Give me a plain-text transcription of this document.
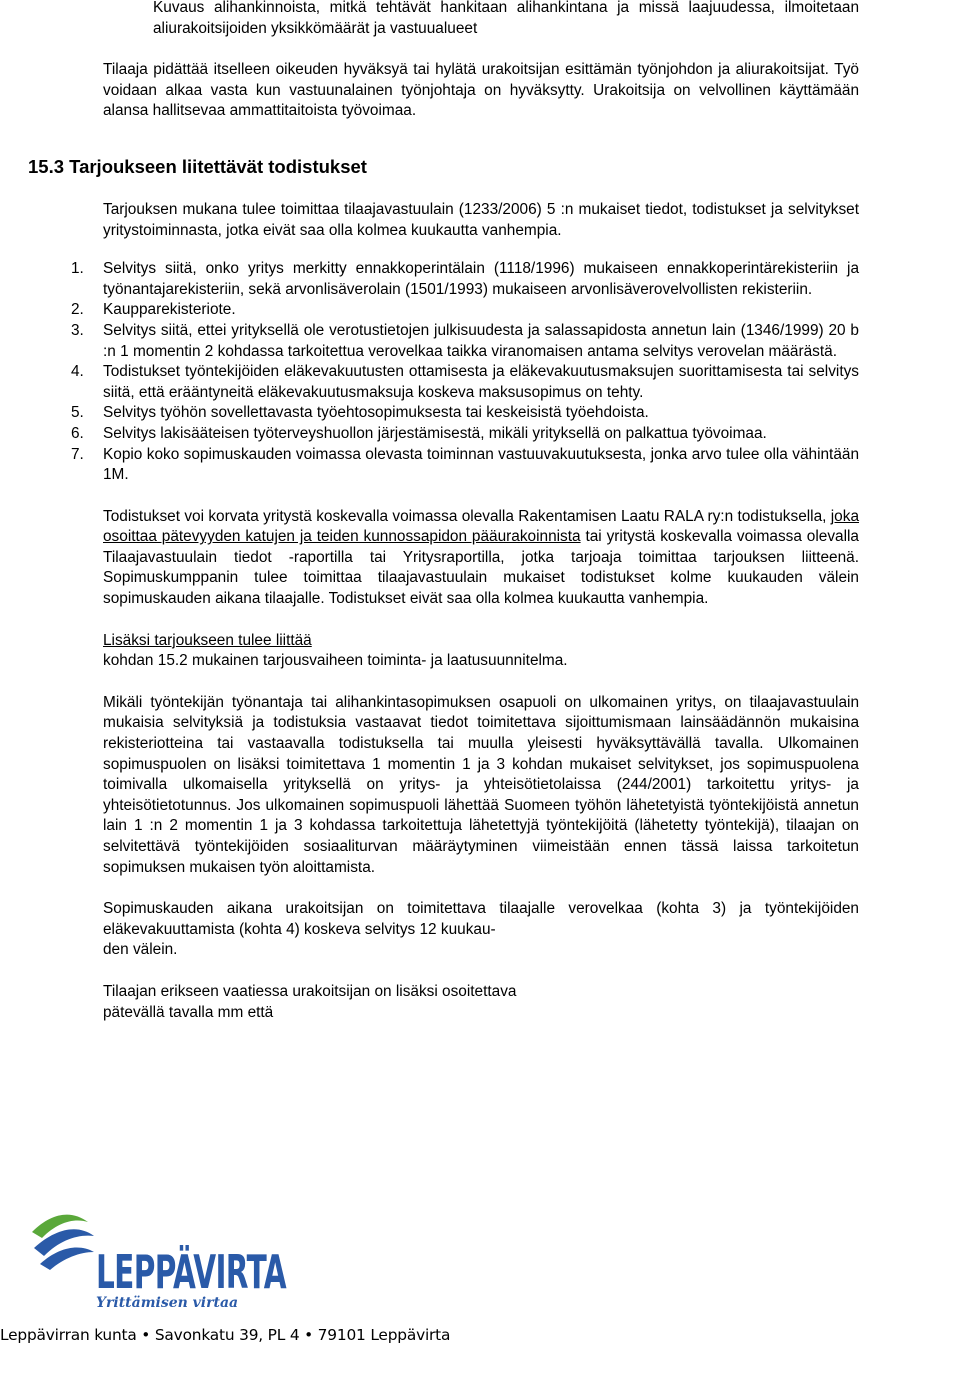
Kuvaus alihankinnoista, mitkä tehtävät hankitaan alihankintana ja missä laajuudessa, ilmoitetaan aliurakoitsijoiden yksikkömäärät ja vastuualueet

Tilaaja pidättää itselleen oikeuden hyväksyä tai hylätä urakoitsijan esittämän työnjohdon ja aliurakoitsijat. Työ voidaan alkaa vasta kun vastuunalainen työnjohtaja on hyväksytty. Urakoitsija on velvollinen käyttämään alansa hallitsevaa ammattitaitoista työvoimaa.

15.3 Tarjoukseen liitettävät todistukset

Tarjouksen mukana tulee toimittaa tilaajavastuulain (1233/2006) 5 :n mukaiset tiedot, todistukset ja selvitykset yritystoiminnasta, jotka eivät saa olla kolmea kuukautta vanhempia.

1. Selvitys siitä, onko yritys merkitty ennakkoperintälain (1118/1996) mukaiseen ennakkoperintärekisteriin ja työnantajarekisteriin, sekä arvonlisäverolain (1501/1993) mukaiseen arvonlisäverovelvollisten rekisteriin.
2. Kaupparekisteriote.
3. Selvitys siitä, ettei yrityksellä ole verotustietojen julkisuudesta ja salassapidosta annetun lain (1346/1999) 20 b :n 1 momentin 2 kohdassa tarkoitettua verovelkaa taikka viranomaisen antama selvitys verovelan määrästä.
4. Todistukset työntekijöiden eläkevakuutusten ottamisesta ja eläkevakuutusmaksujen suorittamisesta tai selvitys siitä, että erääntyneitä eläkevakuutusmaksuja koskeva maksusopimus on tehty.
5. Selvitys työhön sovellettavasta työehtosopimuksesta tai keskeisistä työehdoista.
6. Selvitys lakisääteisen työterveyshuollon järjestämisestä, mikäli yrityksellä on palkattua työvoimaa.
7. Kopio koko sopimuskauden voimassa olevasta toiminnan vastuuvakuutuksesta, jonka arvo tulee olla vähintään 1M.

Todistukset voi korvata yritystä koskevalla voimassa olevalla Rakentamisen Laatu RALA ry:n todistuksella, joka osoittaa pätevyyden katujen ja teiden kunnossapidon pääurakoinnista tai yritystä koskevalla voimassa olevalla Tilaajavastuulain tiedot -raportilla tai Yritysraportilla, jotka tarjoaja toimittaa tarjouksen liitteenä. Sopimuskumppanin tulee toimittaa tilaajavastuulain mukaiset todistukset kolme kuukauden välein sopimuskauden aikana tilaajalle. Todistukset eivät saa olla kolmea kuukautta vanhempia.

Lisäksi tarjoukseen tulee liittää
kohdan 15.2 mukainen tarjousvaiheen toiminta- ja laatusuunnitelma.

Mikäli työntekijän työnantaja tai alihankintasopimuksen osapuoli on ulkomainen yritys, on tilaajavastuulain mukaisia selvityksiä ja todistuksia vastaavat tiedot toimitettava sijoittumismaan lainsäädännön mukaisina rekisteriotteina tai vastaavalla todistuksella tai muulla yleisesti hyväksyttävällä tavalla. Ulkomainen sopimuspuolen on lisäksi toimitettava 1 momentin 1 ja 3 kohdan mukaiset selvitykset, jos sopimuspuolena toimivalla ulkomaisella yrityksellä on yritys- ja yhteisötietolaissa (244/2001) tarkoitettu yritys- ja yhteisötietotunnus. Jos ulkomainen sopimuspuoli lähettää Suomeen työhön lähetetyistä työntekijöistä annetun lain 1 :n 2 momentin 1 ja 3 kohdassa tarkoitettuja lähetettyjä työntekijöitä (lähetetty työntekijä), tilaajan on selvitettävä työntekijöiden sosiaaliturvan määräytyminen viimeistään ennen tässä laissa tarkoitetun sopimuksen mukaisen työn aloittamista.

Sopimuskauden aikana urakoitsijan on toimitettava tilaajalle verovelkaa (kohta 3) ja työntekijöiden eläkevakuuttamista (kohta 4) koskeva selvitys 12 kuukau-
den välein.
Tilaajan erikseen vaatiessa urakoitsijan on lisäksi osoitettava
pätevällä tavalla mm että
LEPPÄVIRTA
Yrittämisen virtaa
Leppävirran kunta • Savonkatu 39, PL 4 • 79101 Leppävirta
